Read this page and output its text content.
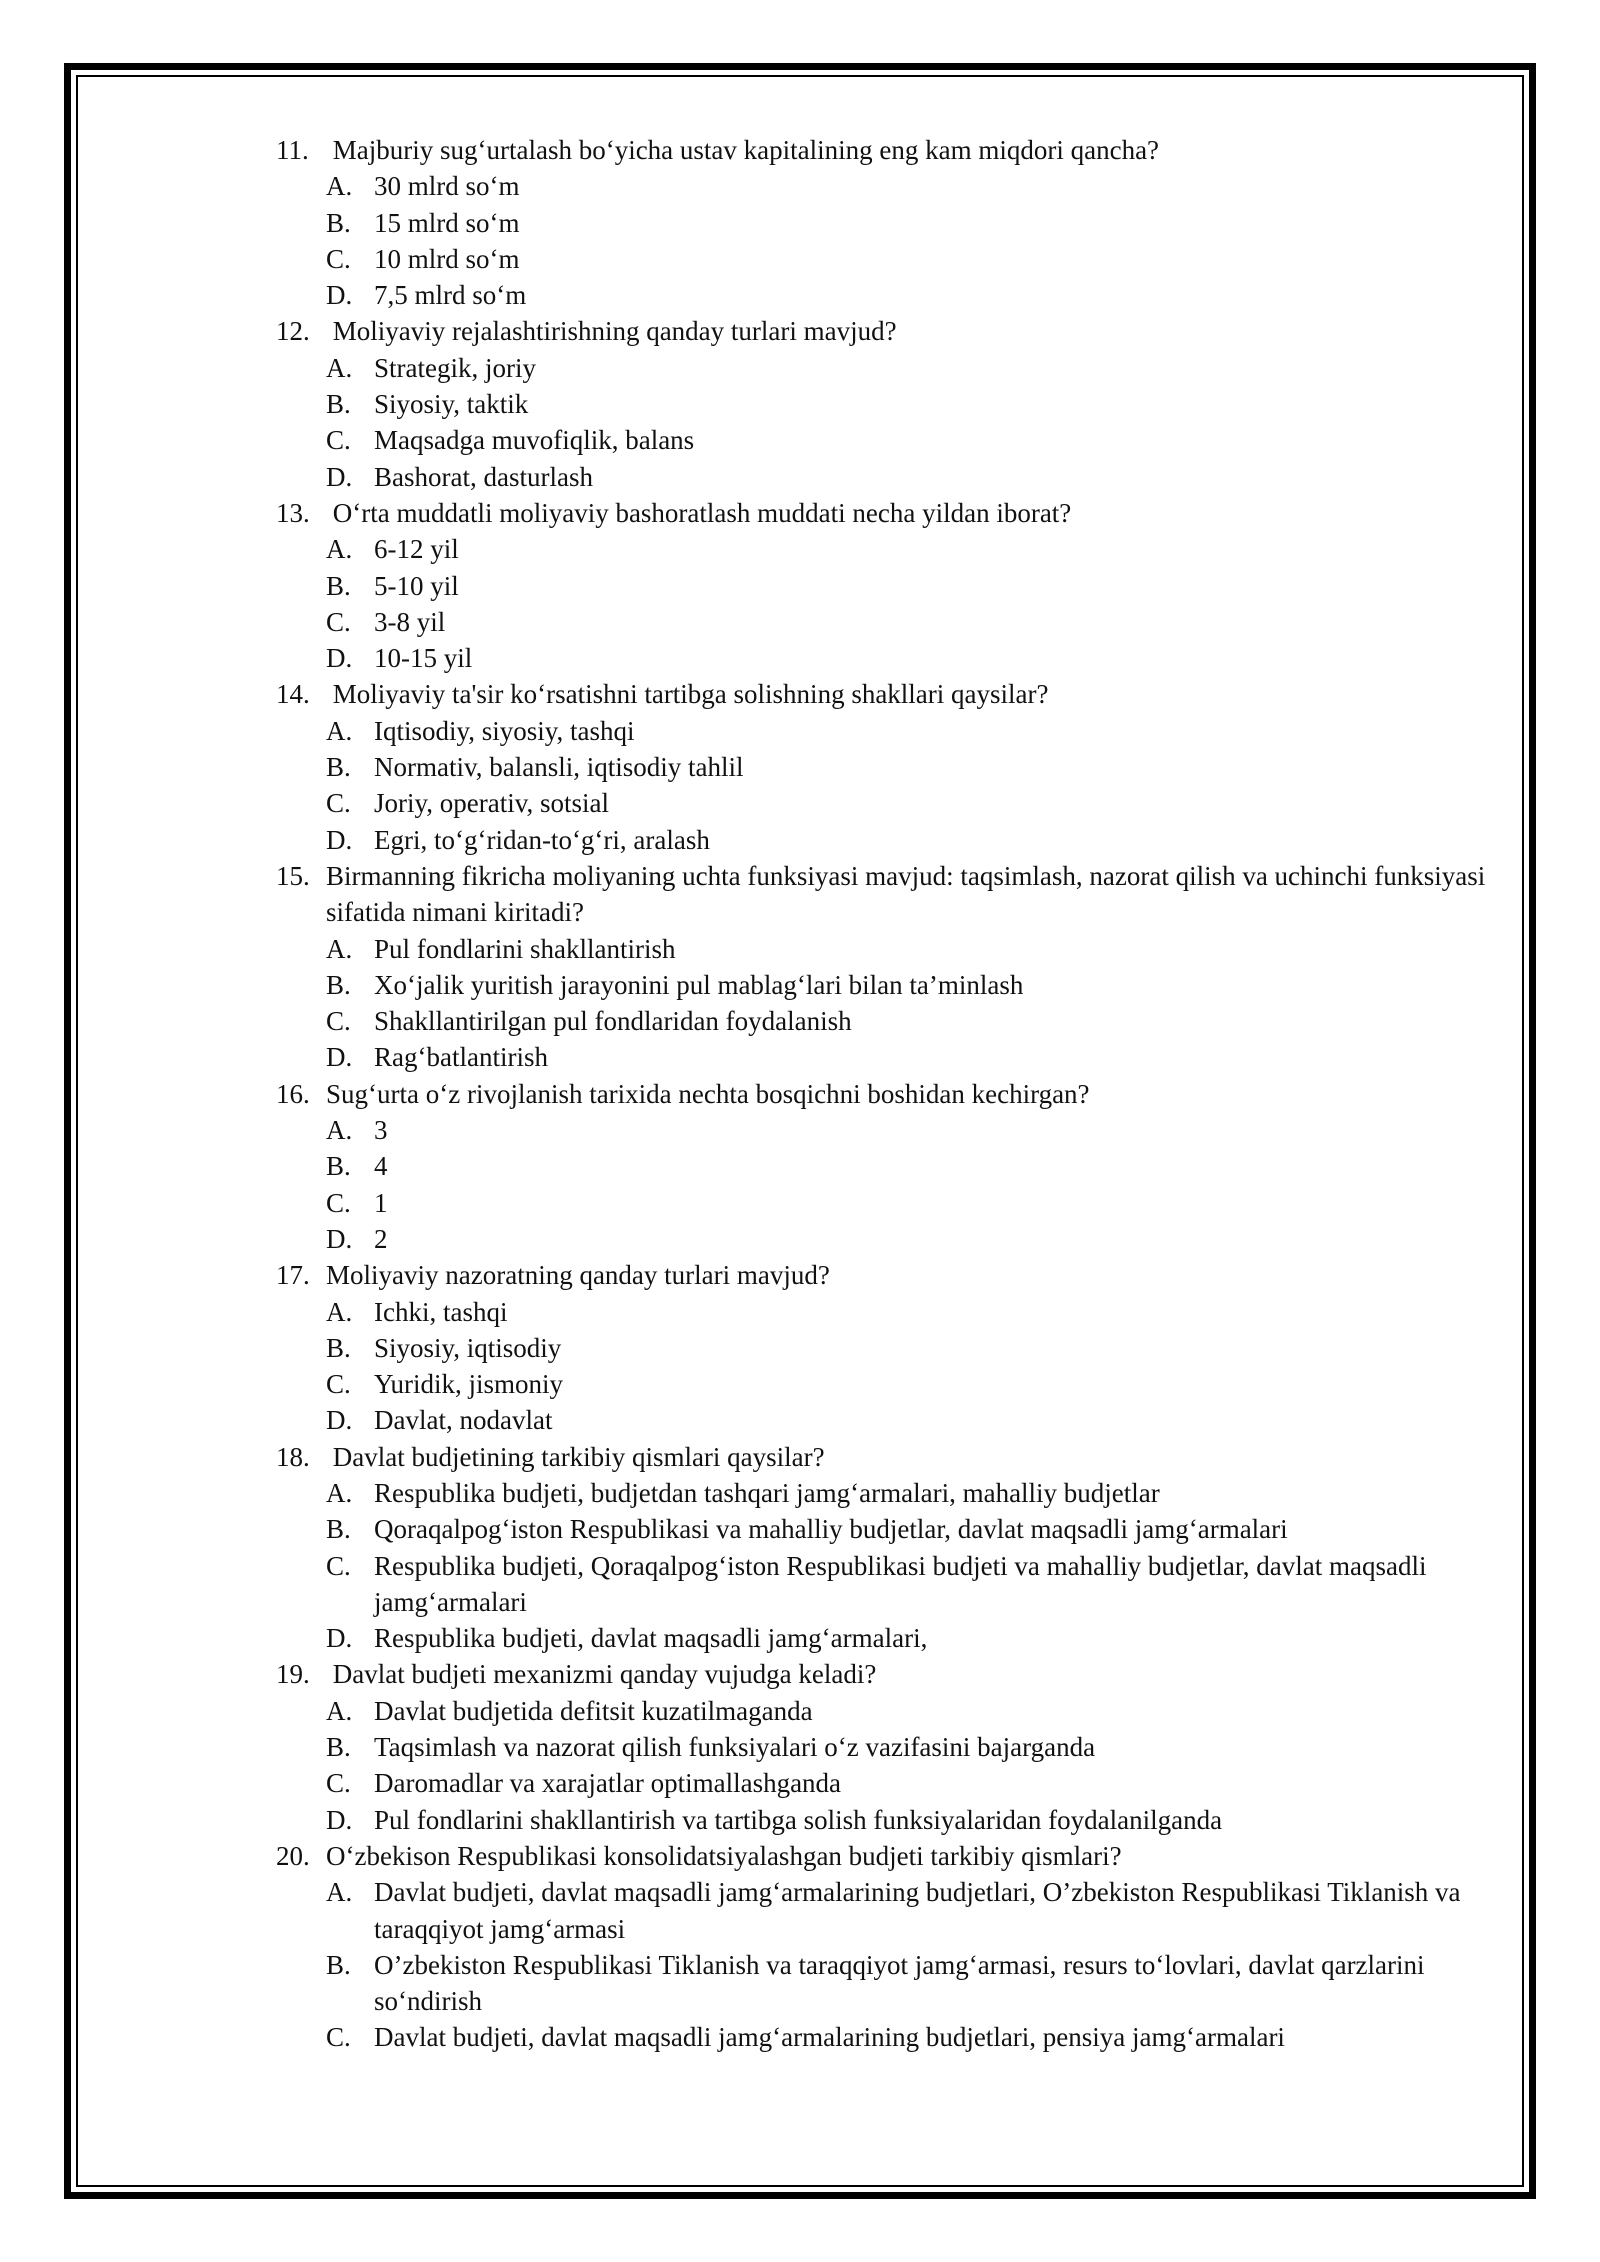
11. Majburiy sug‘urtalash bo‘yicha ustav kapitalining eng kam miqdori qancha?
A. 30 mlrd so‘m
B. 15 mlrd so‘m
C. 10 mlrd so‘m
D. 7,5 mlrd so‘m
12. Moliyaviy rejalashtirishning qanday turlari mavjud?
A. Strategik, joriy
B. Siyosiy, taktik
C. Maqsadga muvofiqlik, balans
D. Bashorat, dasturlash
13. O‘rta muddatli moliyaviy bashoratlash muddati necha yildan iborat?
A. 6-12 yil
B. 5-10 yil
C. 3-8 yil
D. 10-15 yil
14. Moliyaviy ta'sir ko‘rsatishni tartibga solishning shakllari qaysilar?
A. Iqtisodiy, siyosiy, tashqi
B. Normativ, balansli, iqtisodiy tahlil
C. Joriy, operativ, sotsial
D. Egri, to‘g‘ridan-to‘g‘ri, aralash
15. Birmanning fikricha moliyaning uchta funksiyasi mavjud: taqsimlash, nazorat qilish va uchinchi funksiyasi sifatida nimani kiritadi?
A. Pul fondlarini shakllantirish
B. Xo‘jalik yuritish jarayonini pul mablag‘lari bilan ta’minlash
C. Shakllantirilgan pul fondlaridan foydalanish
D. Rag‘batlantirish
16. Sug‘urta o‘z rivojlanish tarixida nechta bosqichni boshidan kechirgan?
A. 3
B. 4
C. 1
D. 2
17. Moliyaviy nazoratning qanday turlari mavjud?
A. Ichki, tashqi
B. Siyosiy, iqtisodiy
C. Yuridik, jismoniy
D. Davlat, nodavlat
18. Davlat budjetining tarkibiy qismlari qaysilar?
A. Respublika budjeti, budjetdan tashqari jamg‘armalari, mahalliy budjetlar
B. Qoraqalpog‘iston Respublikasi va mahalliy budjetlar, davlat maqsadli jamg‘armalari
C. Respublika budjeti, Qoraqalpog‘iston Respublikasi budjeti va mahalliy budjetlar, davlat maqsadli jamg‘armalari
D. Respublika budjeti, davlat maqsadli jamg‘armalari,
19. Davlat budjeti mexanizmi qanday vujudga keladi?
A. Davlat budjetida defitsit kuzatilmaganda
B. Taqsimlash va nazorat qilish funksiyalari o‘z vazifasini bajarganda
C. Daromadlar va xarajatlar optimallashganda
D. Pul fondlarini shakllantirish va tartibga solish funksiyalaridan foydalanilganda
20. O‘zbekison Respublikasi konsolidatsiyalashgan budjeti tarkibiy qismlari?
A. Davlat budjeti, davlat maqsadli jamg‘armalarining budjetlari, O’zbekiston Respublikasi Tiklanish va taraqqiyot jamg‘armasi
B. O’zbekiston Respublikasi Tiklanish va taraqqiyot jamg‘armasi, resurs to‘lovlari, davlat qarzlarini so‘ndirish
C. Davlat budjeti, davlat maqsadli jamg‘armalarining budjetlari, pensiya jamg‘armalari
